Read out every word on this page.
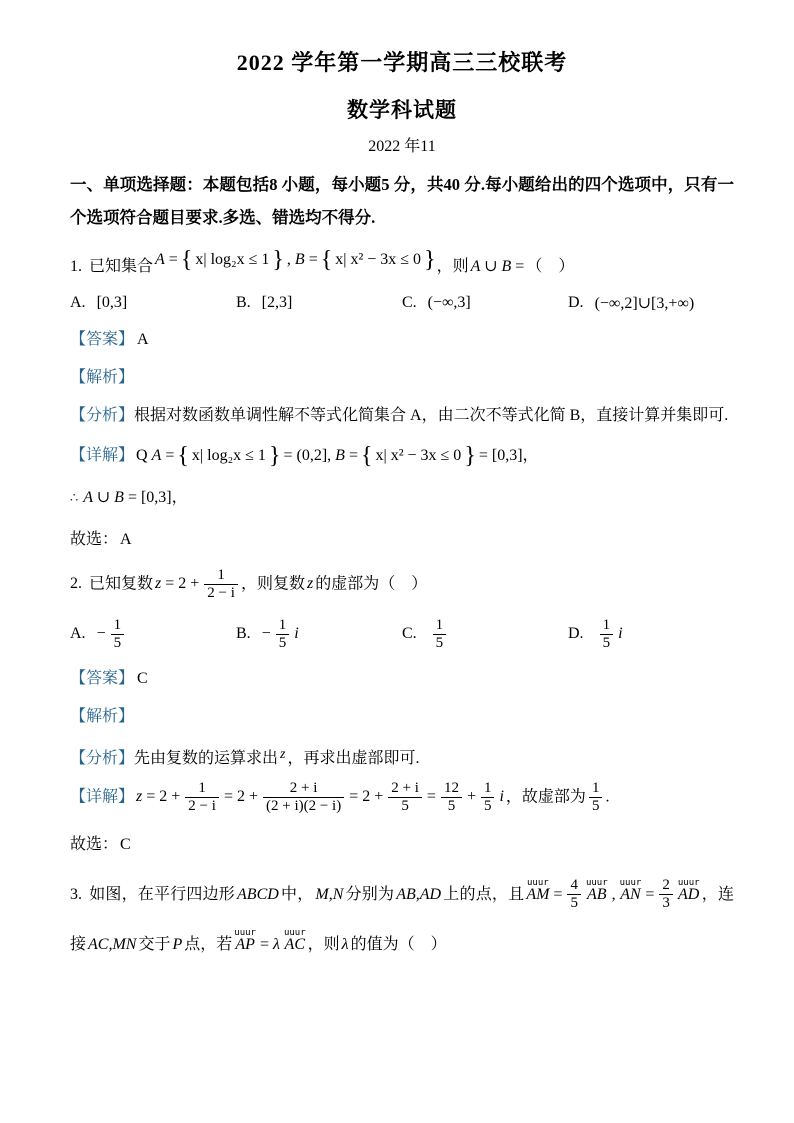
2022 学年第一学期高三三校联考
数学科试题
2022 年11

一、单项选择题：本题包括8 小题，每小题5 分，共40 分.每小题给出的四个选项中，只有一个选项符合题目要求.多选、错选均不得分.

1. 已知集合 A = { x| log₂x ≤ 1 } , B = { x| x² − 3x ≤ 0 }，则 A ∪ B = （　）
A. [0,3]	B. [2,3]	C. (−∞,3]	D. (−∞,2]∪[3,+∞)
【答案】 A
【解析】
【分析】根据对数函数单调性解不等式化简集合 A，由二次不等式化简 B，直接计算并集即可.
【详解】 Q A = { x| log₂x ≤ 1 } = (0,2], B = { x| x² − 3x ≤ 0 } = [0,3]，
∴ A ∪ B = [0,3]，
故选： A
2. 已知复数 $z = 2 + \frac{1}{2 - i}$ ，则复数 z 的虚部为（　）
A. − $\frac{1}{5}$	B. − $\frac{1}{5}$ i	C. $\frac{1}{5}$	D. $\frac{1}{5}$ i
【答案】 C
【解析】
【分析】先由复数的运算求出 z ，再求出虚部即可.
【详解】 $z = 2 + \frac{1}{2 - i} = 2 + \frac{2 + i}{(2 + i)(2 - i)} = 2 + \frac{2 + i}{5} = \frac{12}{5} + \frac{1}{5}$ i ，故虚部为 $\frac{1}{5}$ .
故选： C
3. 如图，在平行四边形 ABCD 中， M,N 分别为 AB,AD 上的点，且
uuur
AM = $\frac{4}{5}$ uuur
AB ,
uuur
AN = $\frac{2}{3}$ uuur
AD ，连接 AC,MN 交于 P 点，若
uuur
AP = λ
uuur
AC ，则 λ 的值为（　）
